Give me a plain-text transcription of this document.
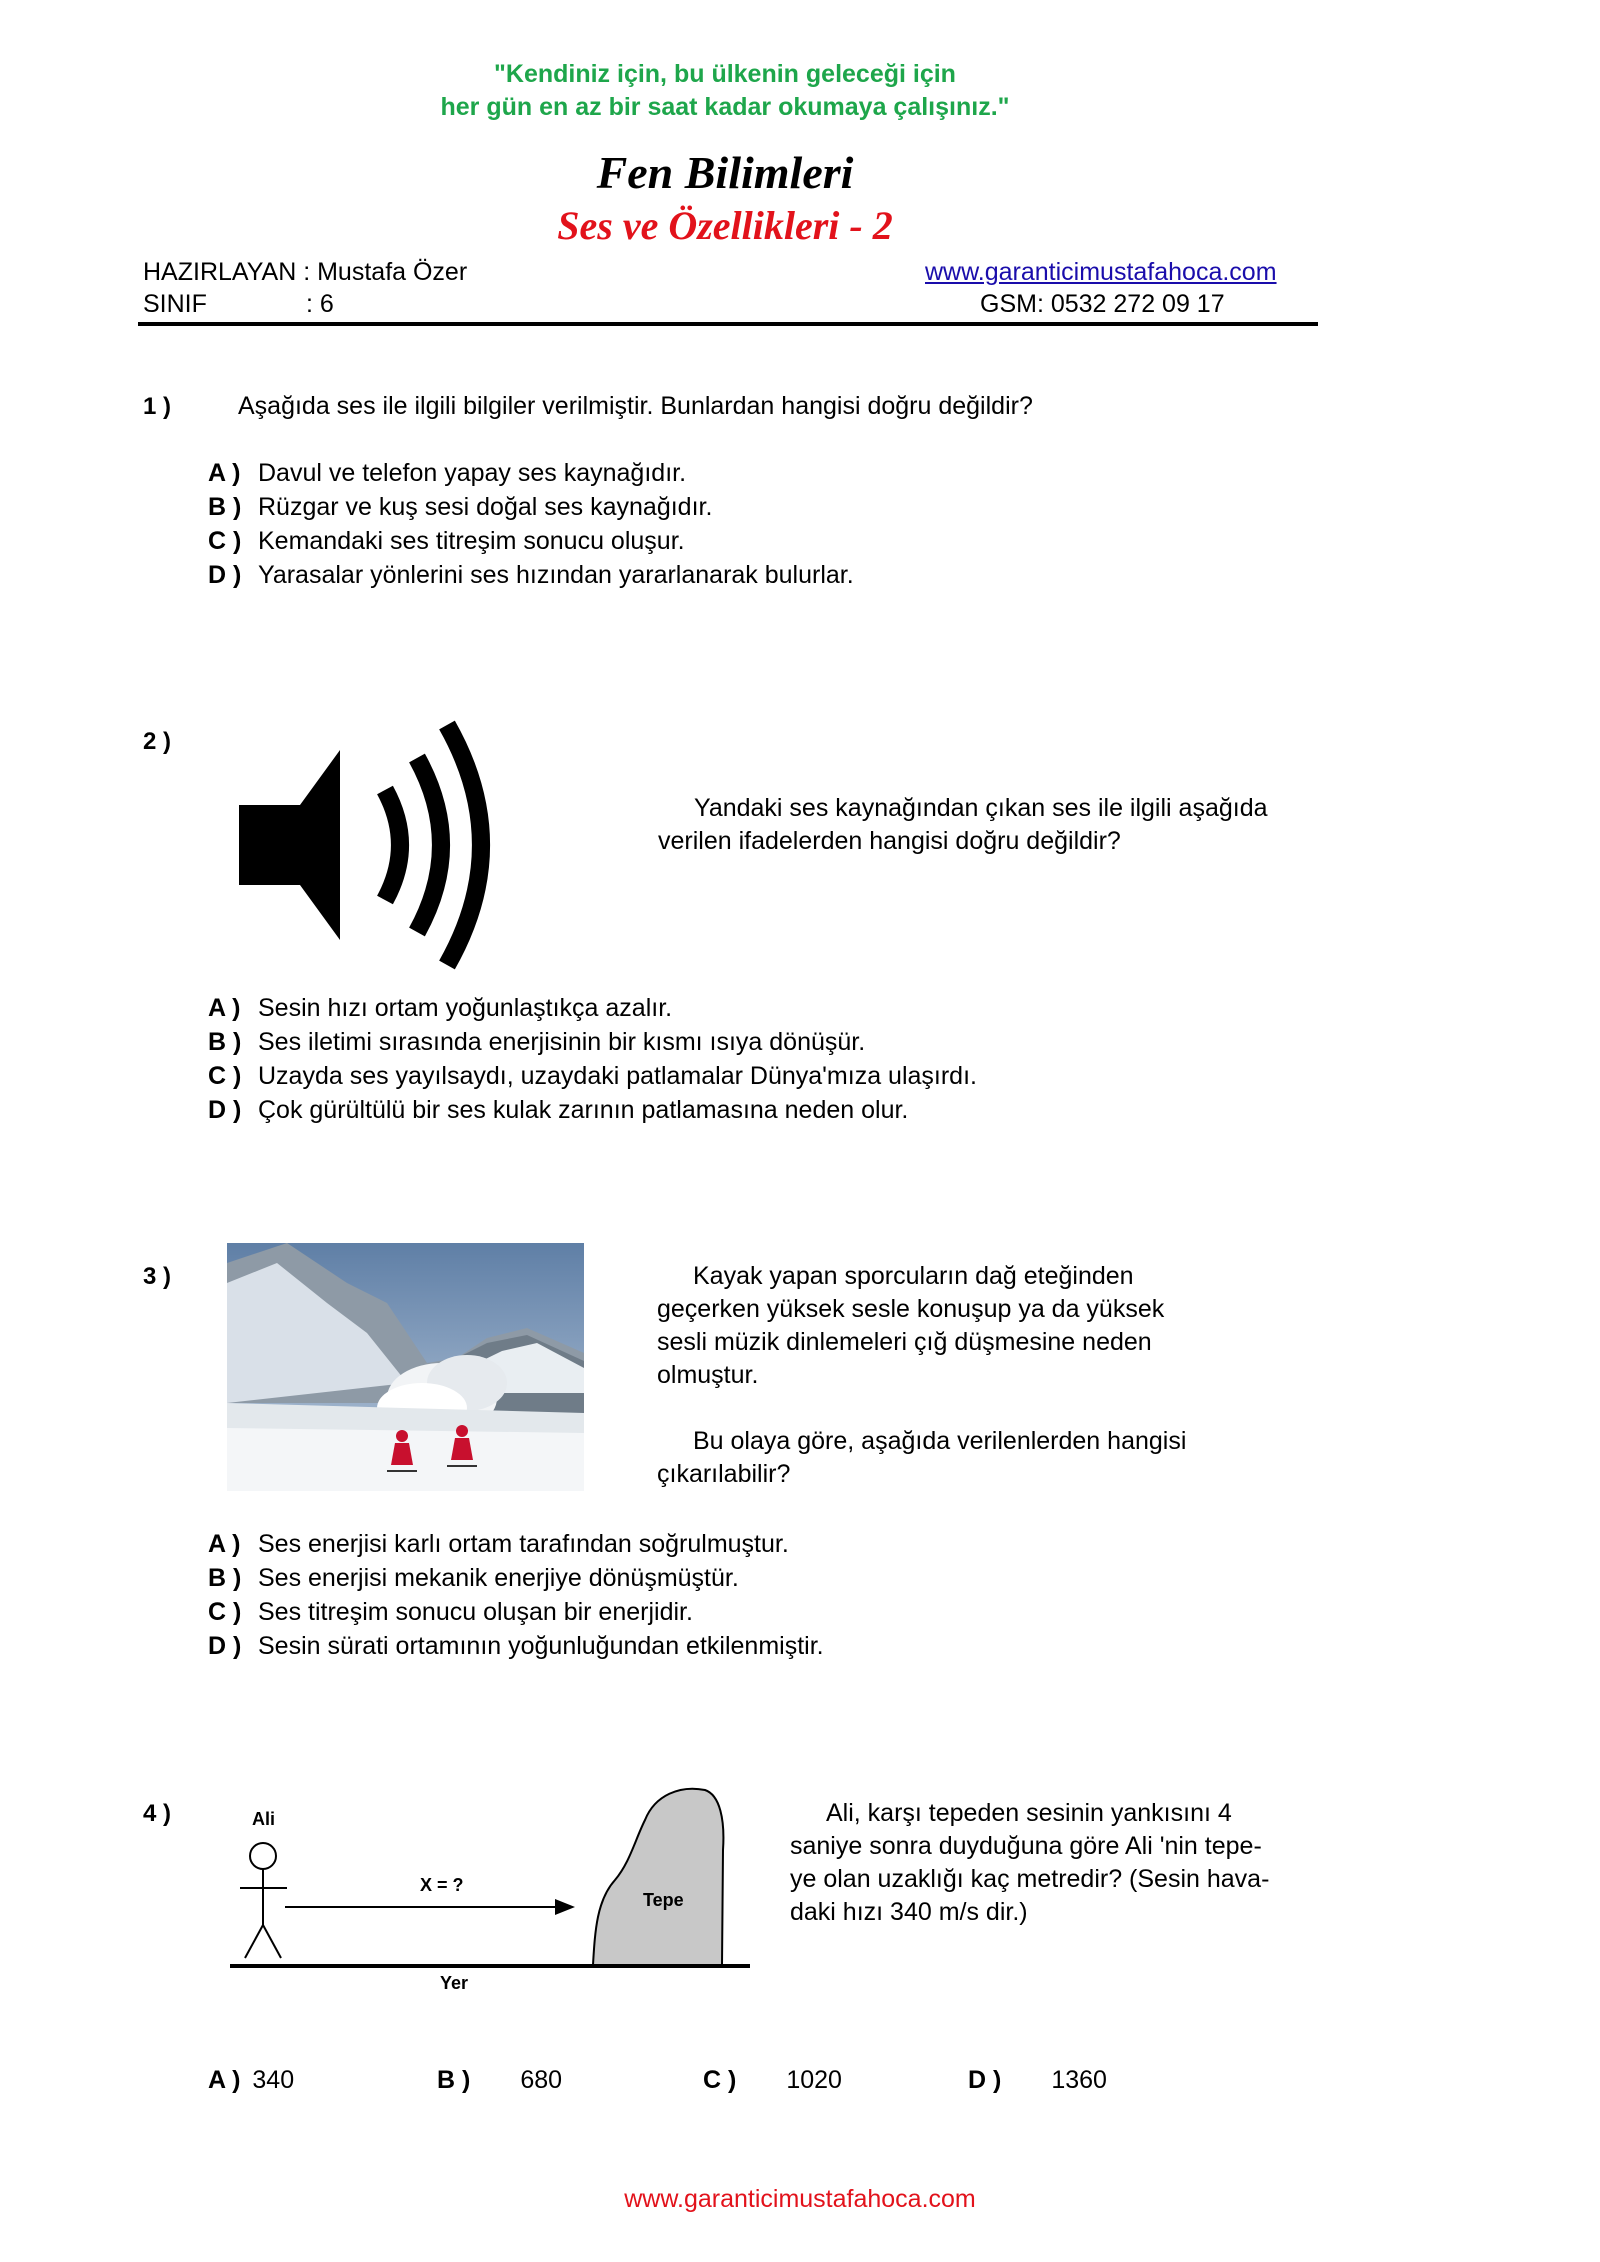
"Kendiniz için, bu ülkenin geleceği için
her gün en az bir saat kadar okumaya çalışınız."
Fen Bilimleri
Ses ve Özellikleri - 2
HAZIRLAYAN : Mustafa Özer
SINIF	: 6
www.garanticimustafahoca.com
GSM: 0532 272 09 17
1 )	Aşağıda ses ile ilgili bilgiler verilmiştir. Bunlardan hangisi doğru değildir?
A ) Davul ve telefon yapay ses kaynağıdır.
B ) Rüzgar ve kuş sesi doğal ses kaynağıdır.
C ) Kemandaki ses titreşim sonucu oluşur.
D ) Yarasalar yönlerini ses hızından yararlanarak bulurlar.
2 )
Yandaki ses kaynağından çıkan ses ile ilgili aşağıda
verilen ifadelerden hangisi doğru değildir?
A ) Sesin hızı ortam yoğunlaştıkça azalır.
B ) Ses iletimi sırasında enerjisinin bir kısmı ısıya dönüşür.
C ) Uzayda ses yayılsaydı, uzaydaki patlamalar Dünya'mıza ulaşırdı.
D ) Çok gürültülü bir ses kulak zarının patlamasına neden olur.
3 )	Kayak yapan sporcuların dağ eteğinden
geçerken yüksek sesle konuşup ya da yüksek
sesli müzik dinlemeleri çığ düşmesine neden
olmuştur.
Bu olaya göre, aşağıda verilenlerden hangisi
çıkarılabilir?
A ) Ses enerjisi karlı ortam tarafından soğrulmuştur.
B ) Ses enerjisi mekanik enerjiye dönüşmüştür.
C ) Ses titreşim sonucu oluşan bir enerjidir.
D ) Sesin sürati ortamının yoğunluğundan etkilenmiştir.
4 )	Ali
X = ?
Tepe
Yer
Ali, karşı tepeden sesinin yankısını 4
saniye sonra duyduğuna göre Ali 'nin tepe-
ye olan uzaklığı kaç metredir? (Sesin hava-
daki hızı 340 m/s dir.)
A ) 340	B ) 680	C ) 1020	D ) 1360
www.garanticimustafahoca.com
